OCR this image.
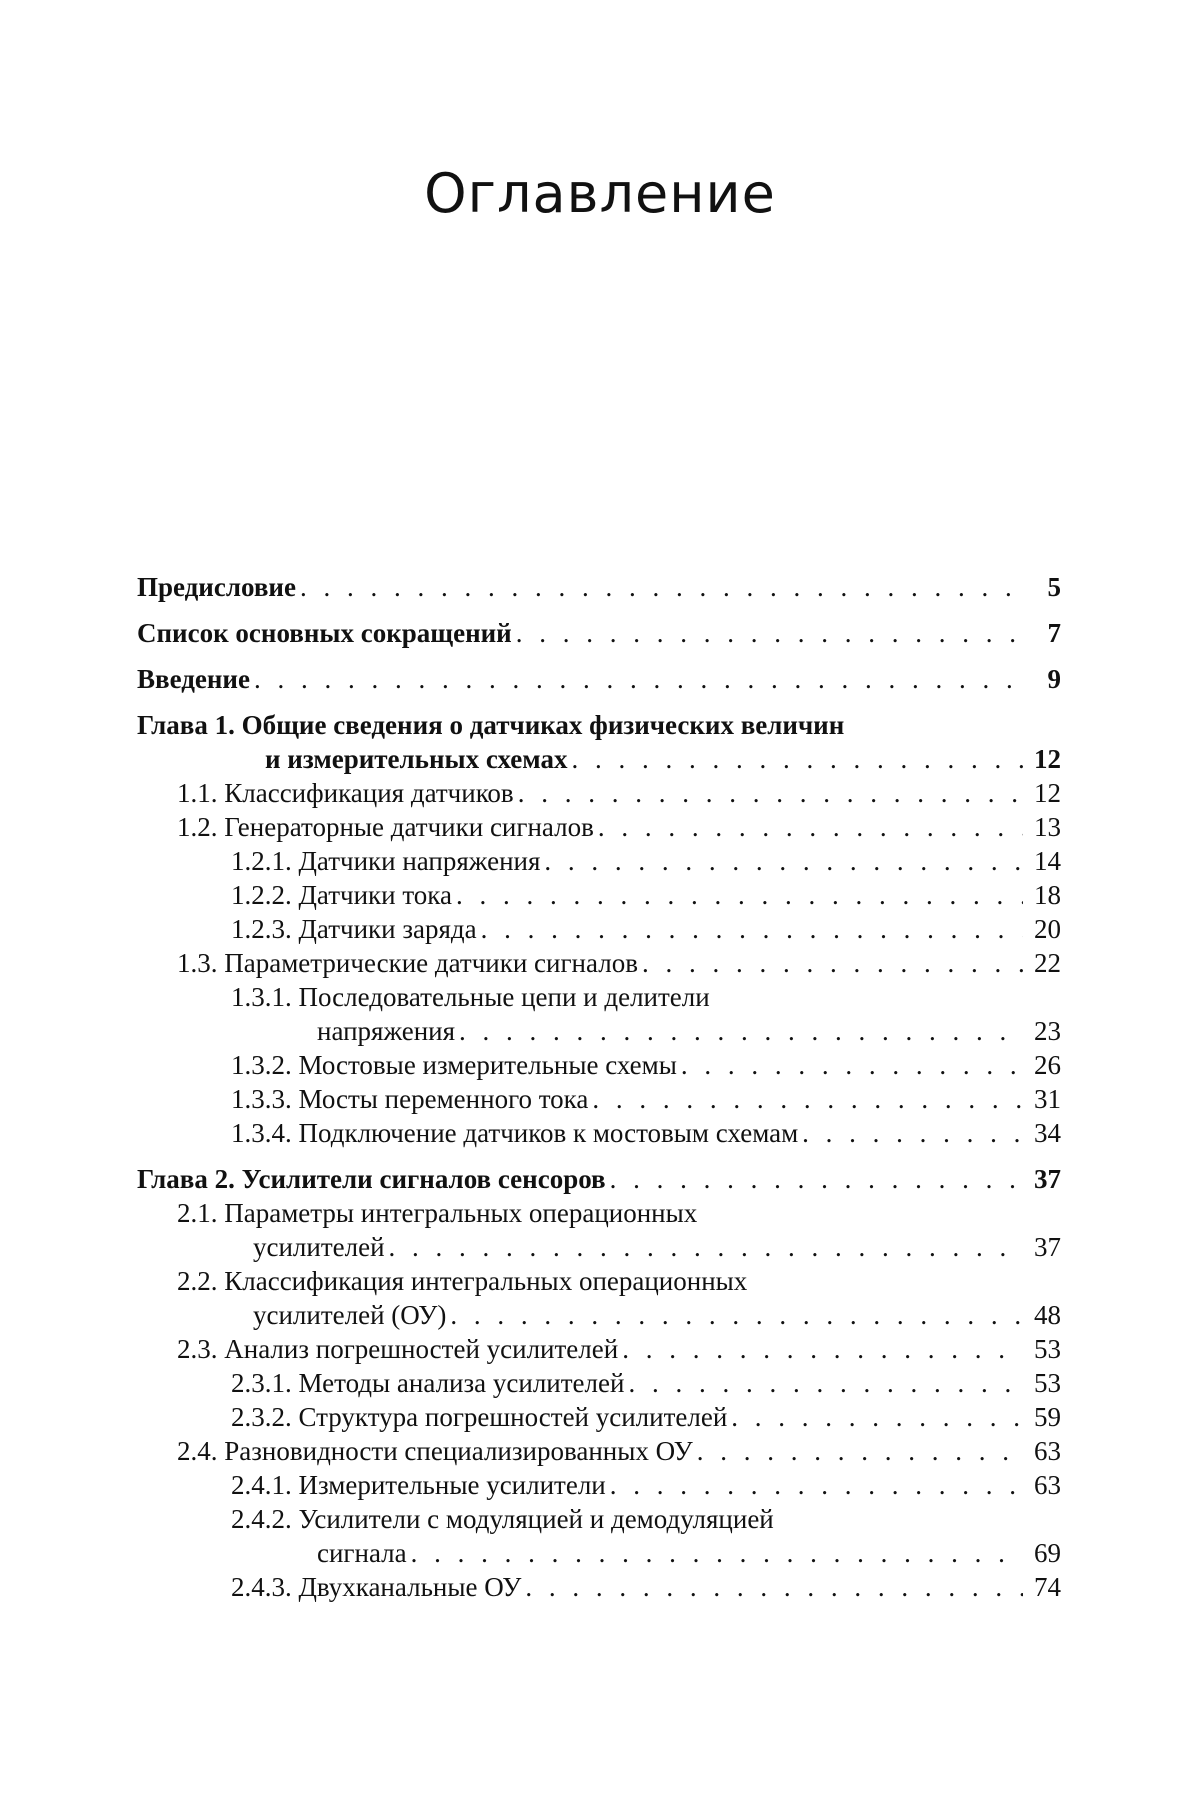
Оглавление
Предисловие . . .	5
Список основных сокращений . . .	7
Введение . . .	9
Глава 1. Общие сведения о датчиках физических величин
и измерительных схемах . . .	12
1.1. Классификация датчиков . . .	12
1.2. Генераторные датчики сигналов . . .	13
1.2.1. Датчики напряжения . . .	14
1.2.2. Датчики тока . . .	18
1.2.3. Датчики заряда . . .	20
1.3. Параметрические датчики сигналов . . .	22
1.3.1. Последовательные цепи и делители
напряжения . . .	23
1.3.2. Мостовые измерительные схемы . . .	26
1.3.3. Мосты переменного тока . . .	31
1.3.4. Подключение датчиков к мостовым схемам . . .	34
Глава 2. Усилители сигналов сенсоров . . .	37
2.1. Параметры интегральных операционных
усилителей . . .	37
2.2. Классификация интегральных операционных
усилителей (ОУ) . . .	48
2.3. Анализ погрешностей усилителей . . .	53
2.3.1. Методы анализа усилителей . . .	53
2.3.2. Структура погрешностей усилителей . . .	59
2.4. Разновидности специализированных ОУ . . .	63
2.4.1. Измерительные усилители . . .	63
2.4.2. Усилители с модуляцией и демодуляцией
сигнала . . .	69
2.4.3. Двухканальные ОУ . . .	74
